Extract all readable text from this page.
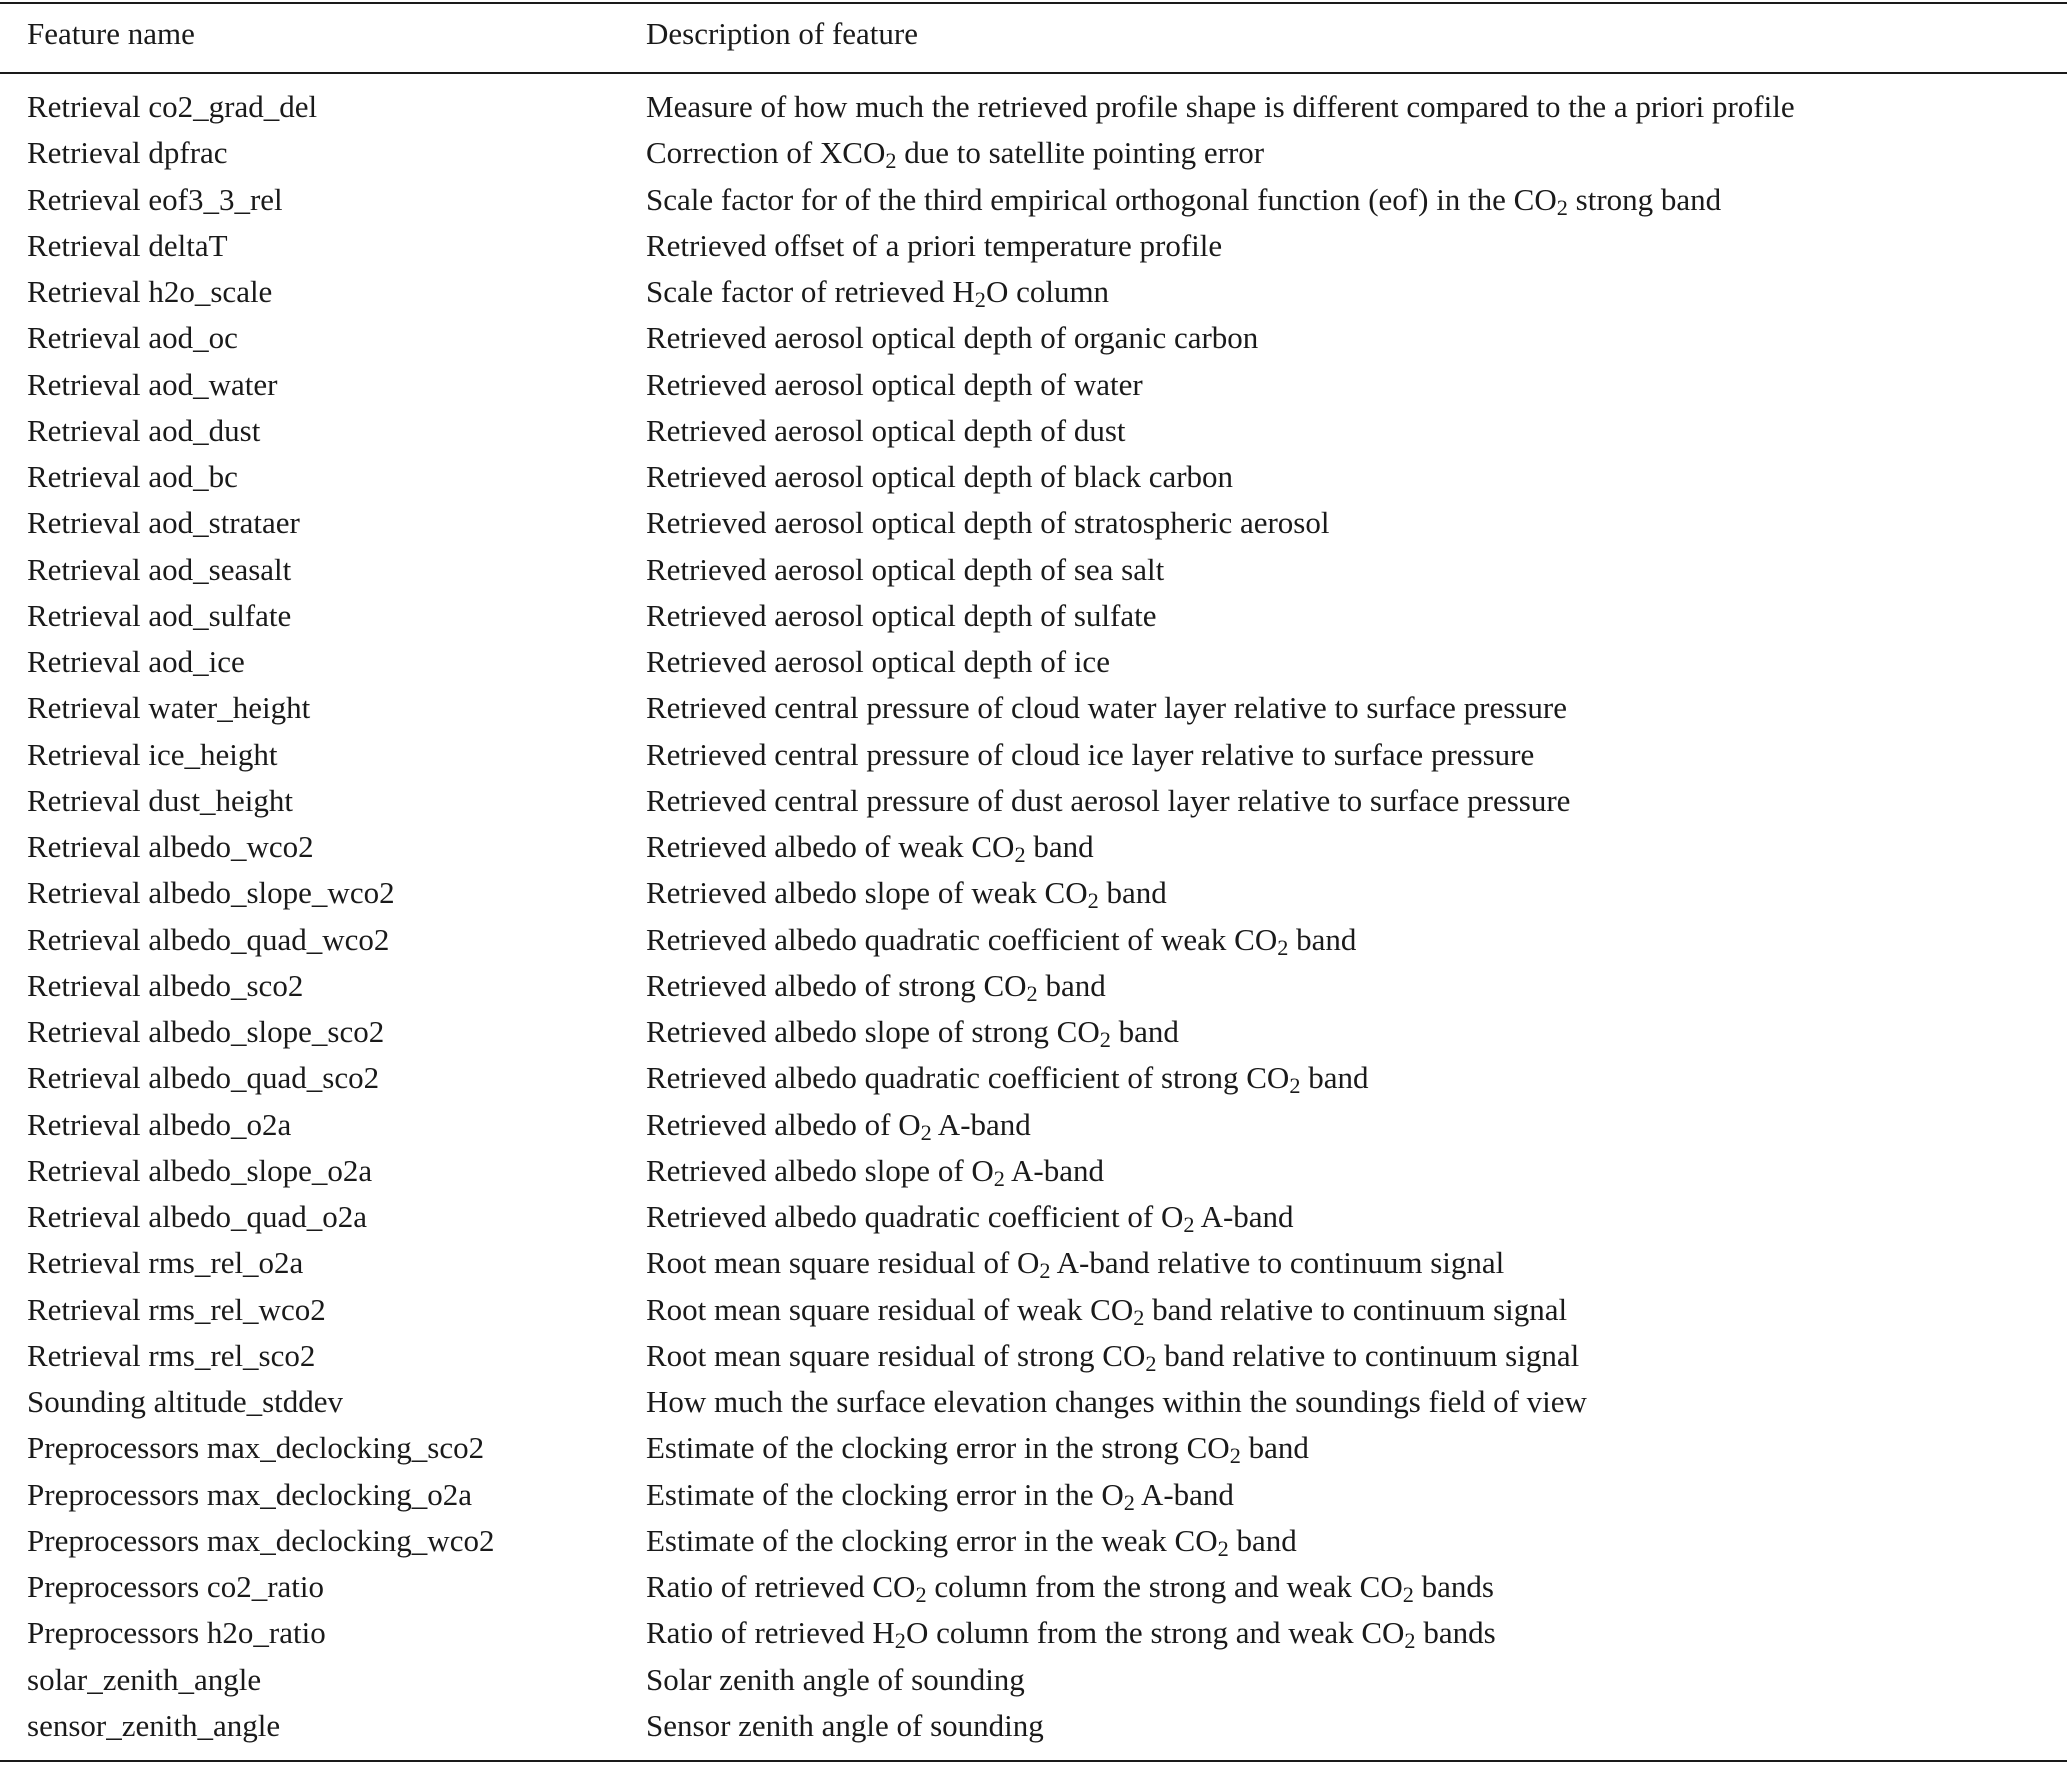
Feature name	Description of feature
Retrieval co2_grad_del	Measure of how much the retrieved profile shape is different compared to the a priori profile
Retrieval dpfrac	Correction of $XCO_2$ due to satellite pointing error
Retrieval eof3_3_rel	Scale factor for of the third empirical orthogonal function (eof) in the $CO_2$ strong band
Retrieval deltaT	Retrieved offset of a priori temperature profile
Retrieval h2o_scale	Scale factor of retrieved $H_2O$ column
Retrieval aod_oc	Retrieved aerosol optical depth of organic carbon
Retrieval aod_water	Retrieved aerosol optical depth of water
Retrieval aod_dust	Retrieved aerosol optical depth of dust
Retrieval aod_bc	Retrieved aerosol optical depth of black carbon
Retrieval aod_strataer	Retrieved aerosol optical depth of stratospheric aerosol
Retrieval aod_seasalt	Retrieved aerosol optical depth of sea salt
Retrieval aod_sulfate	Retrieved aerosol optical depth of sulfate
Retrieval aod_ice	Retrieved aerosol optical depth of ice
Retrieval water_height	Retrieved central pressure of cloud water layer relative to surface pressure
Retrieval ice_height	Retrieved central pressure of cloud ice layer relative to surface pressure
Retrieval dust_height	Retrieved central pressure of dust aerosol layer relative to surface pressure
Retrieval albedo_wco2	Retrieved albedo of weak $CO_2$ band
Retrieval albedo_slope_wco2	Retrieved albedo slope of weak $CO_2$ band
Retrieval albedo_quad_wco2	Retrieved albedo quadratic coefficient of weak $CO_2$ band
Retrieval albedo_sco2	Retrieved albedo of strong $CO_2$ band
Retrieval albedo_slope_sco2	Retrieved albedo slope of strong $CO_2$ band
Retrieval albedo_quad_sco2	Retrieved albedo quadratic coefficient of strong $CO_2$ band
Retrieval albedo_o2a	Retrieved albedo of $O_2$ A-band
Retrieval albedo_slope_o2a	Retrieved albedo slope of $O_2$ A-band
Retrieval albedo_quad_o2a	Retrieved albedo quadratic coefficient of $O_2$ A-band
Retrieval rms_rel_o2a	Root mean square residual of $O_2$ A-band relative to continuum signal
Retrieval rms_rel_wco2	Root mean square residual of weak $CO_2$ band relative to continuum signal
Retrieval rms_rel_sco2	Root mean square residual of strong $CO_2$ band relative to continuum signal
Sounding altitude_stddev	How much the surface elevation changes within the soundings field of view
Preprocessors max_declocking_sco2	Estimate of the clocking error in the strong $CO_2$ band
Preprocessors max_declocking_o2a	Estimate of the clocking error in the $O_2$ A-band
Preprocessors max_declocking_wco2	Estimate of the clocking error in the weak $CO_2$ band
Preprocessors co2_ratio	Ratio of retrieved $CO_2$ column from the strong and weak $CO_2$ bands
Preprocessors h2o_ratio	Ratio of retrieved $H_2O$ column from the strong and weak $CO_2$ bands
solar_zenith_angle	Solar zenith angle of sounding
sensor_zenith_angle	Sensor zenith angle of sounding
